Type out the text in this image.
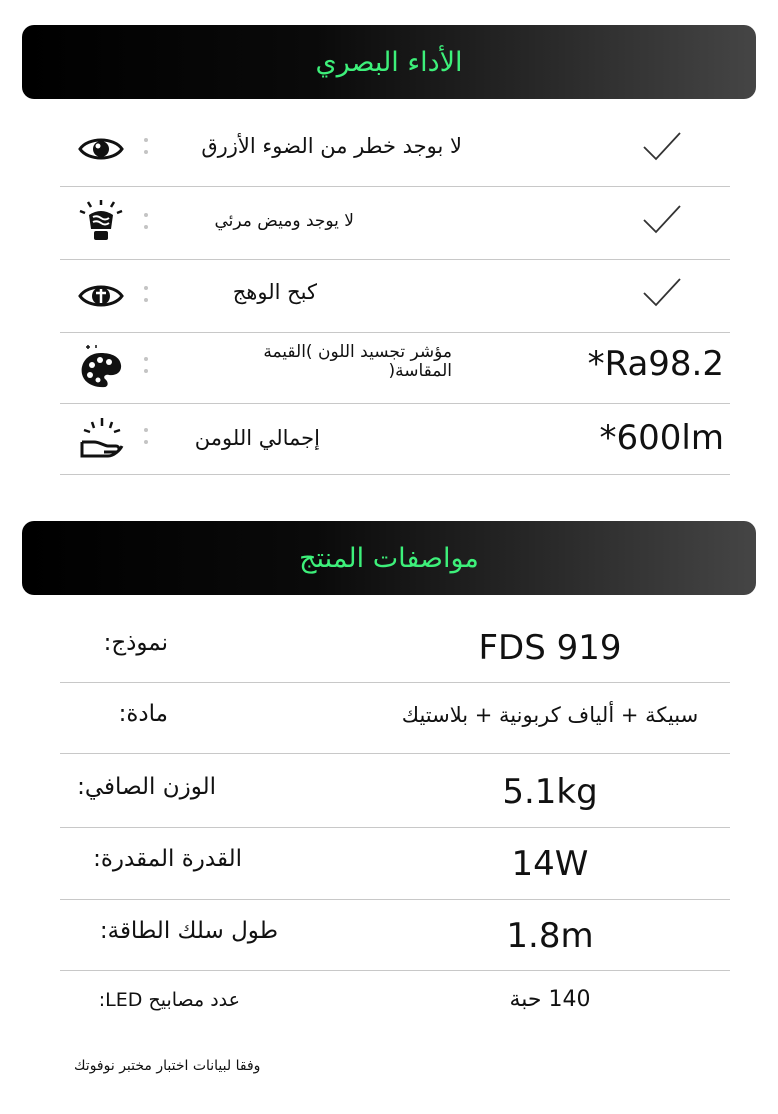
الأداء البصري
لا بوجد خطر من الضوء الأزرق
لا يوجد وميض مرئي
كبح الوهج
مؤشر تجسيد اللون )القيمة المقاسة(	*Ra98.2
إجمالي اللومن	*600lm
مواصفات المنتج
نموذج:	FDS 919
مادة:	سبيكة + ألياف كربونية + بلاستيك
الوزن الصافي:	5.1kg
القدرة المقدرة:	14W
طول سلك الطاقة:	1.8m
عدد مصابيح LED:	140 حبة
وفقا لبيانات اختبار مختبر نوفوتك
